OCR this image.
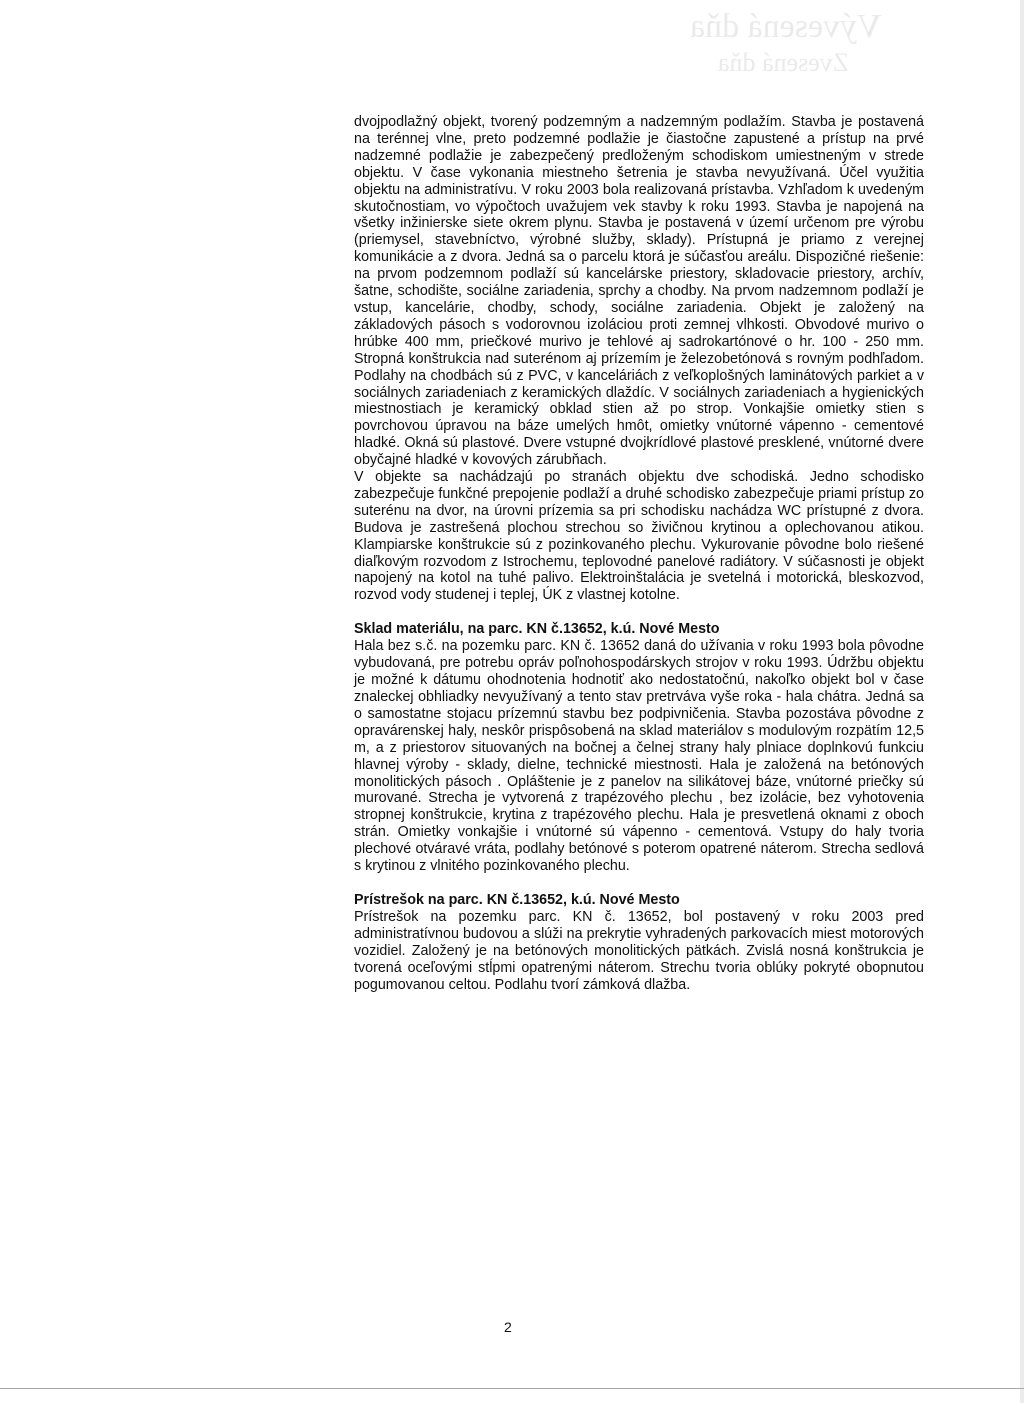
Vývesená dňa
Zvesená dňa

dvojpodlažný objekt, tvorený podzemným a nadzemným podlažím. Stavba je postavená na terénnej vlne, preto podzemné podlažie je čiastočne zapustené a prístup na prvé nadzemné podlažie je zabezpečený predloženým schodiskom umiestneným v strede objektu. V čase vykonania miestneho šetrenia je stavba nevyužívaná. Účel využitia objektu na administratívu. V roku 2003 bola realizovaná prístavba. Vzhľadom k uvedeným skutočnostiam, vo výpočtoch uvažujem vek stavby k roku 1993. Stavba je napojená na všetky inžinierske siete okrem plynu. Stavba je postavená v území určenom pre výrobu (priemysel, stavebníctvo, výrobné služby, sklady). Prístupná je priamo z verejnej komunikácie a z dvora. Jedná sa o parcelu ktorá je súčasťou areálu. Dispozičné riešenie: na prvom podzemnom podlaží sú kancelárske priestory, skladovacie priestory, archív, šatne, schodište, sociálne zariadenia, sprchy a chodby. Na prvom nadzemnom podlaží je vstup, kancelárie, chodby, schody, sociálne zariadenia. Objekt je založený na základových pásoch s vodorovnou izoláciou proti zemnej vlhkosti. Obvodové murivo o hrúbke 400 mm, priečkové murivo je tehlové aj sadrokartónové o hr. 100 - 250 mm. Stropná konštrukcia nad suterénom aj prízemím je železobetónová s rovným podhľadom. Podlahy na chodbách sú z PVC, v kanceláriách z veľkoplošných laminátových parkiet a v sociálnych zariadeniach z keramických dlaždíc. V sociálnych zariadeniach a hygienických miestnostiach je keramický obklad stien až po strop. Vonkajšie omietky stien s povrchovou úpravou na báze umelých hmôt, omietky vnútorné vápenno - cementové hladké. Okná sú plastové. Dvere vstupné dvojkrídlové plastové presklené, vnútorné dvere obyčajné hladké v kovových zárubňach.

V objekte sa nachádzajú po stranách objektu dve schodiská. Jedno schodisko zabezpečuje funkčné prepojenie podlaží a druhé schodisko zabezpečuje priami prístup zo suterénu na dvor, na úrovni prízemia sa pri schodisku nachádza WC prístupné z dvora. Budova je zastrešená plochou strechou so živičnou krytinou a oplechovanou atikou. Klampiarske konštrukcie sú z pozinkovaného plechu. Vykurovanie pôvodne bolo riešené diaľkovým rozvodom z Istrochemu, teplovodné panelové radiátory. V súčasnosti je objekt napojený na kotol na tuhé palivo. Elektroinštalácia je svetelná i motorická, bleskozvod, rozvod vody studenej i teplej, ÚK z vlastnej kotolne.

Sklad materiálu, na parc. KN č.13652, k.ú. Nové Mesto

Hala bez s.č. na pozemku parc. KN č. 13652 daná do užívania v roku 1993 bola pôvodne vybudovaná, pre potrebu opráv poľnohospodárskych strojov v roku 1993. Údržbu objektu je možné k dátumu ohodnotenia hodnotiť ako nedostatočnú, nakoľko objekt bol v čase znaleckej obhliadky nevyužívaný a tento stav pretrváva vyše roka - hala chátra. Jedná sa o samostatne stojacu prízemnú stavbu bez podpivničenia. Stavba pozostáva pôvodne z opravárenskej haly, neskôr prispôsobená na sklad materiálov s modulovým rozpätím 12,5 m, a z priestorov situovaných na bočnej a čelnej strany haly plniace doplnkovú funkciu hlavnej výroby - sklady, dielne, technické miestnosti. Hala je založená na betónových monolitických pásoch . Opláštenie je z panelov na silikátovej báze, vnútorné priečky sú murované. Strecha je vytvorená z trapézového plechu , bez izolácie, bez vyhotovenia stropnej konštrukcie, krytina z trapézového plechu. Hala je presvetlená oknami z oboch strán. Omietky vonkajšie i vnútorné sú vápenno - cementová. Vstupy do haly tvoria plechové otváravé vráta, podlahy betónové s poterom opatrené náterom. Strecha sedlová s krytinou z vlnitého pozinkovaného plechu.

Prístrešok na parc. KN č.13652, k.ú. Nové Mesto

Prístrešok na pozemku parc. KN č. 13652, bol postavený v roku 2003 pred administratívnou budovou a slúži na prekrytie vyhradených parkovacích miest motorových vozidiel. Založený je na betónových monolitických pätkách. Zvislá nosná konštrukcia je tvorená oceľovými stĺpmi opatrenými náterom. Strechu tvoria oblúky pokryté obopnutou pogumovanou celtou. Podlahu tvorí zámková dlažba.

2
